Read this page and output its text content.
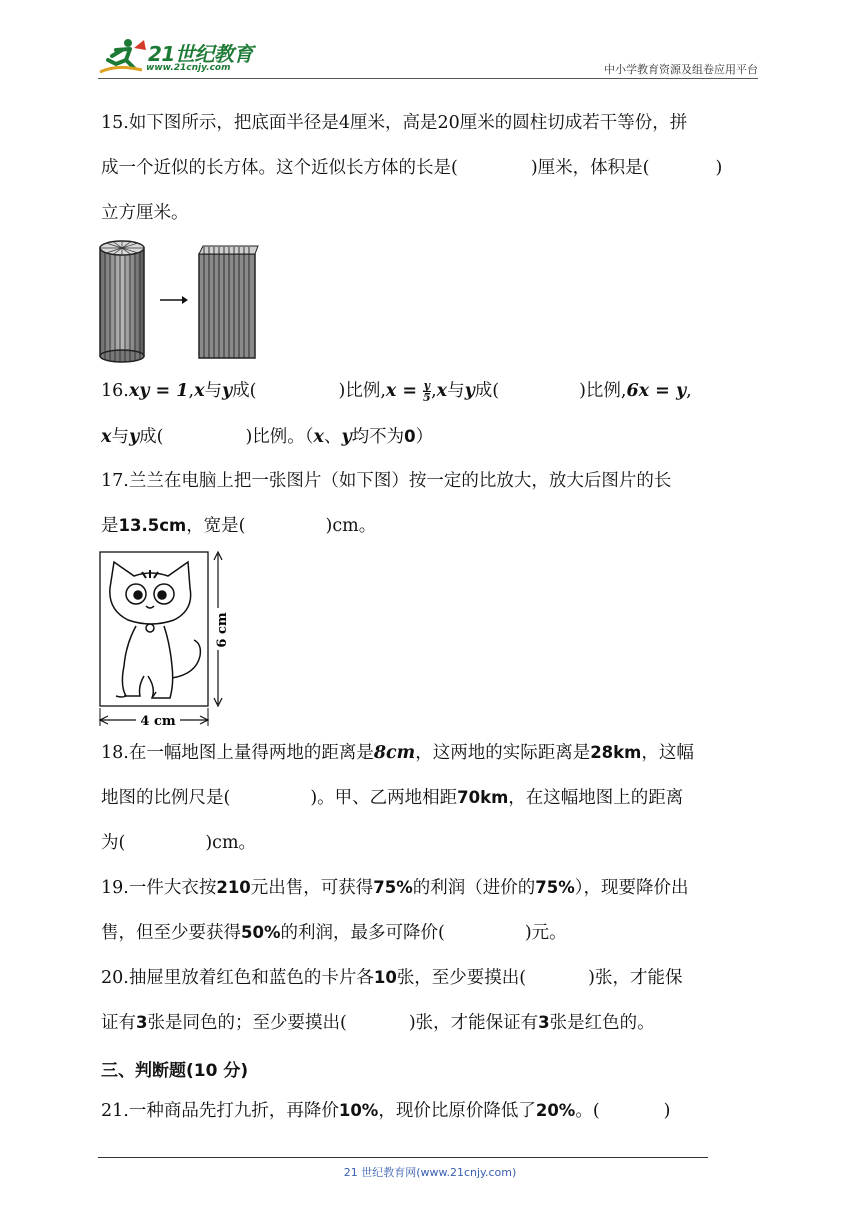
21世纪教育
www.21cnjy.com	中小学教育资源及组卷应用平台
15.如下图所示，把底面半径是4厘米，高是20厘米的圆柱切成若干等份，拼
成一个近似的长方体。这个近似长方体的长是(	)厘米，体积是(	)
立方厘米。
16.xy = 1,x与y成(	)比例$,x = \frac{y}{5} ,x$与y成(	)比例,6x = y,
x与y成(	)比例。（x、y均不为0）
17.兰兰在电脑上把一张图片（如下图）按一定的比放大，放大后图片的长
是13.5cm，宽是(	)cm。
6 cm
4 cm
18.在一幅地图上量得两地的距离是8cm，这两地的实际距离是28km，这幅
地图的比例尺是(	)。甲、乙两地相距70km，在这幅地图上的距离
为(	)cm。
19.一件大衣按210元出售，可获得75%的利润（进价的75%），现要降价出
售，但至少要获得50%的利润，最多可降价(	)元。
20.抽屉里放着红色和蓝色的卡片各10张，至少要摸出(	)张，才能保
证有3张是同色的；至少要摸出(	)张，才能保证有3张是红色的。
三、判断题(10 分)
21.一种商品先打九折，再降价10%，现价比原价降低了20%。(	)
21 世纪教育网(www.21cnjy.com)
